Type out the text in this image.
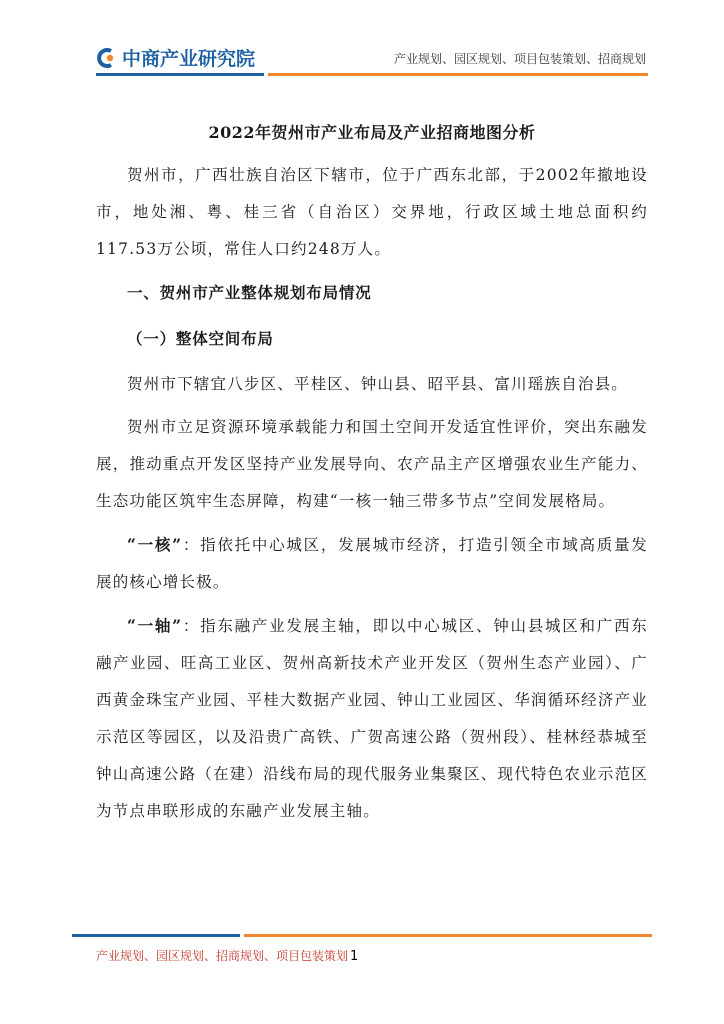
中商产业研究院	产业规划、园区规划、项目包装策划、招商规划
2022年贺州市产业布局及产业招商地图分析

贺州市，广西壮族自治区下辖市，位于广西东北部，于2002年撤地设市，地处湘、粤、桂三省（自治区）交界地，行政区域土地总面积约117.53万公顷，常住人口约248万人。

一、贺州市产业整体规划布局情况
（一）整体空间布局

贺州市下辖宜八步区、平桂区、钟山县、昭平县、富川瑶族自治县。

贺州市立足资源环境承载能力和国土空间开发适宜性评价，突出东融发展，推动重点开发区坚持产业发展导向、农产品主产区增强农业生产能力、生态功能区筑牢生态屏障，构建“一核一轴三带多节点”空间发展格局。

“一核”：指依托中心城区，发展城市经济，打造引领全市域高质量发展的核心增长极。

“一轴”：指东融产业发展主轴，即以中心城区、钟山县城区和广西东融产业园、旺高工业区、贺州高新技术产业开发区（贺州生态产业园）、广西黄金珠宝产业园、平桂大数据产业园、钟山工业园区、华润循环经济产业示范区等园区，以及沿贵广高铁、广贺高速公路（贺州段）、桂林经恭城至钟山高速公路（在建）沿线布局的现代服务业集聚区、现代特色农业示范区为节点串联形成的东融产业发展主轴。

产业规划、园区规划、招商规划、项目包装策划 1
